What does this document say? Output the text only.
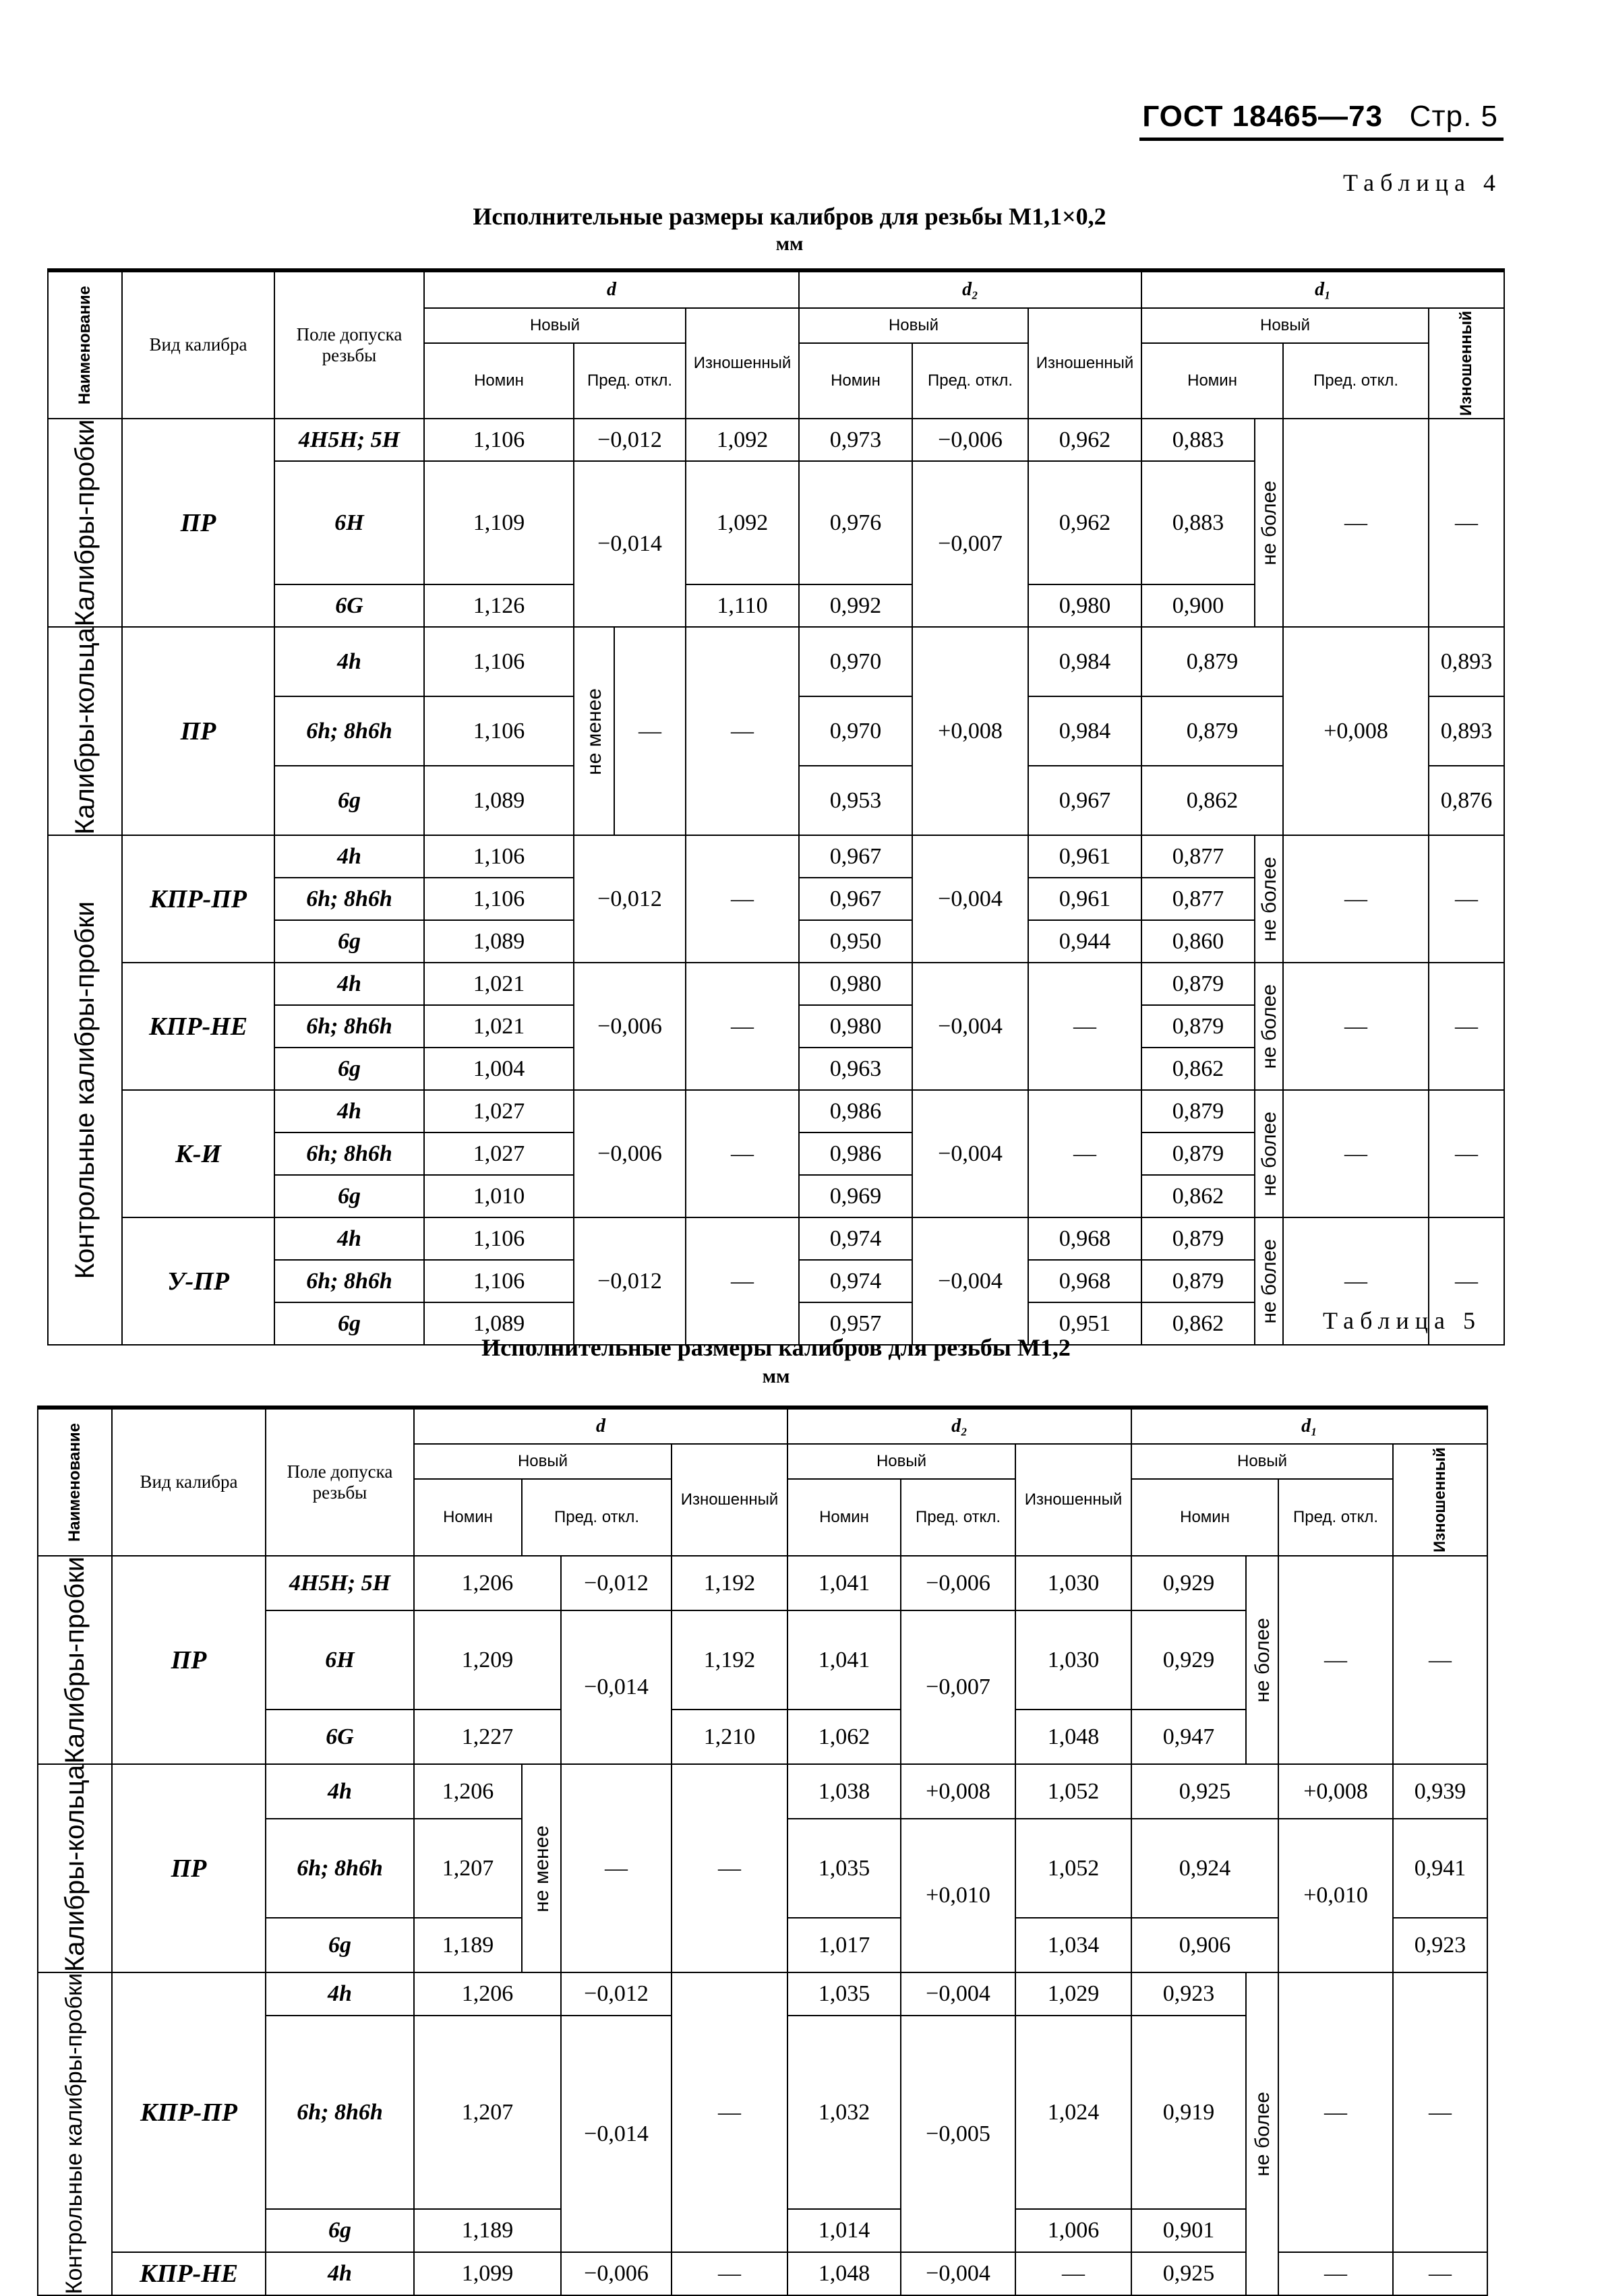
ГОСТ 18465—73 Стр. 5
Таблица 4
Исполнительные размеры калибров для резьбы М1,1×0,2
мм
Наименование	Вид калибра	Поле допуска резьбы	d				d₂			d₁			
			Новый			Изношенный	Новый		Изношенный	Новый			Изношенный

			Номин	Пред. откл.			Номин	Пред. откл.		Номин		Пред. откл.	

Калибры-пробки	ПР	4Н5Н; 5Н	1,106	−0,012		1,092	0,973	−0,006	0,962	0,883	не более	—	—
		6Н	1,109	−0,014		1,092	0,976	−0,007	0,962	0,883			
		6G	1,126			1,110	0,992		0,980	0,900			

Калибры-кольца	ПР	4h	1,106	не менее	—	—	0,970	+0,008	0,984	0,879		+0,008	0,893
		6h; 8h6h	1,106				0,970		0,984	0,879			0,893
		6g	1,089				0,953		0,967	0,862			0,876

Контрольные калибры-пробки	КПР-ПР	4h	1,106	−0,012		—	0,967	−0,004	0,961	0,877	не более	—	—
		6h; 8h6h	1,106				0,967		0,961	0,877			
		6g	1,089				0,950		0,944	0,860			
	КПР-НЕ	4h	1,021	−0,006		—	0,980	−0,004	—	0,879	не более	—	—
		6h; 8h6h	1,021				0,980			0,879			
		6g	1,004				0,963			0,862			
	К-И	4h	1,027	−0,006		—	0,986	−0,004	—	0,879	не более	—	—
		6h; 8h6h	1,027				0,986			0,879			
		6g	1,010				0,969			0,862			
	У-ПР	4h	1,106	−0,012		—	0,974	−0,004	0,968	0,879	не более	—	—
		6h; 8h6h	1,106				0,974		0,968	0,879			
		6g	1,089				0,957		0,951	0,862				Таблица 5
Исполнительные размеры калибров для резьбы М1,2
мм
Наименование	Вид калибра	Поле допуска резьбы	d				d₂			d₁			
			Новый			Изношенный	Новый		Изношенный	Новый			Изношенный

			Номин	Пред. откл.			Номин	Пред. откл.		Номин		Пред. откл.	

Калибры-пробки	ПР	4Н5Н; 5Н	1,206		−0,012	1,192	1,041	−0,006	1,030	0,929	не более	—	—
		6Н	1,209		−0,014	1,192	1,041	−0,007	1,030	0,929			
		6G	1,227			1,210	1,062		1,048	0,947			

Калибры-кольца	ПР	4h	1,206	не менее	—	—	1,038	+0,008	1,052	0,925		+0,008	0,939
		6h; 8h6h	1,207				1,035	+0,010	1,052	0,924		+0,010	0,941
		6g	1,189				1,017		1,034	0,906			0,923

Контрольные калибры-пробки	КПР-ПР	4h	1,206		−0,012	—	1,035	−0,004	1,029	0,923	не более	—	—
		6h; 8h6h	1,207		−0,014		1,032	−0,005	1,024	0,919			
		6g	1,189				1,014		1,006	0,901			
	КПР-НЕ	4h	1,099		−0,006	—	1,048	−0,004	—	0,925		—	—
